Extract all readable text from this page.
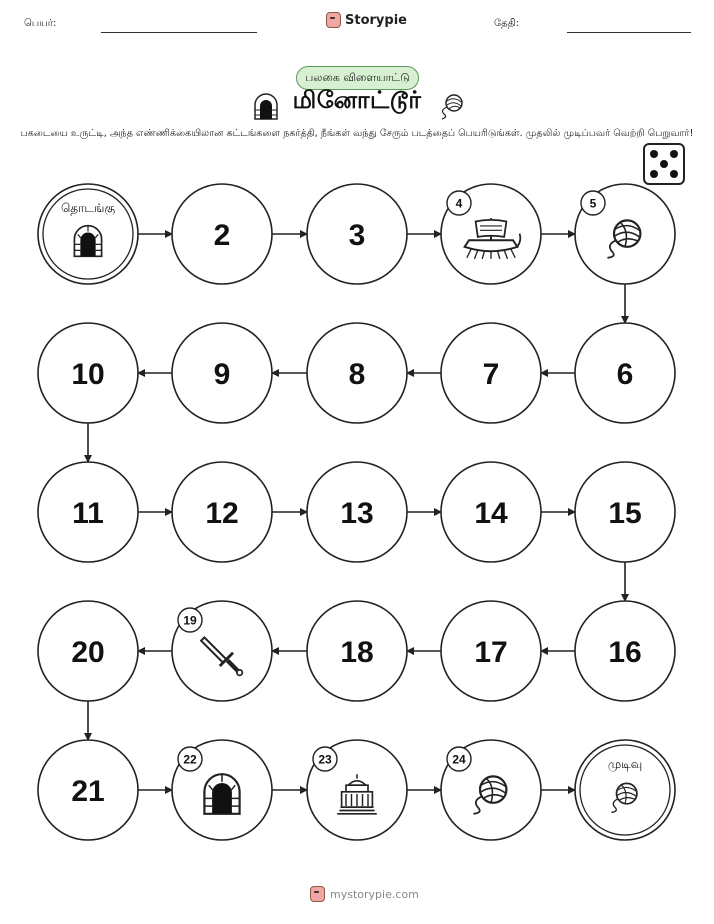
பெயர்:	Storypie	தேதி:
பலகை விளையாட்டு
மினோட்டூர்
பகடையை உருட்டி, அந்த எண்ணிக்கையிலான கட்டங்களை நகர்த்தி, நீங்கள் வந்து சேரும் படத்தைப் பெயரிடுங்கள். முதலில் முடிப்பவர் வெற்றி பெறுவார்!
தொடங்கு
2	3
4	5
6
7
8
9
10
11	12	13	14	15
16
17
18
19
20
21
22	23	24	முடிவு
mystorypie.com
